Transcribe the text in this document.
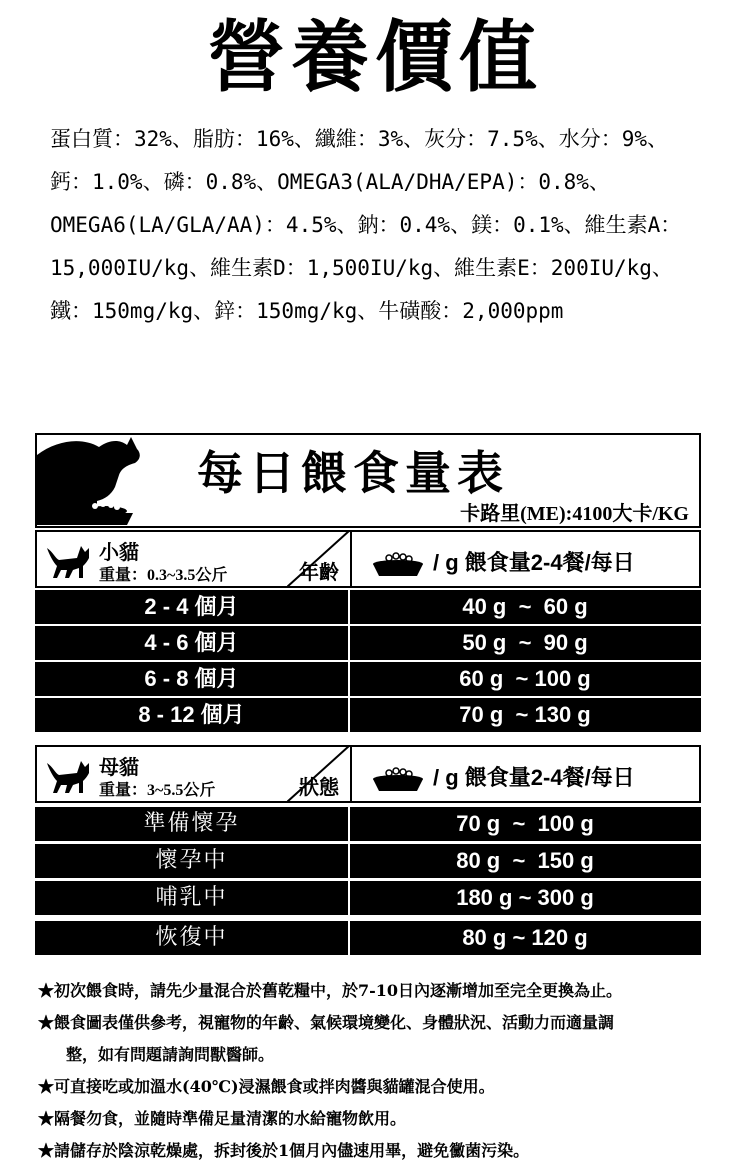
營養價值
蛋白質：32%、脂肪：16%、纖維：3%、灰分：7.5%、水分：9%、
鈣：1.0%、磷：0.8%、OMEGA3(ALA/DHA/EPA)：0.8%、
OMEGA6(LA/GLA/AA)：4.5%、鈉：0.4%、鎂：0.1%、維生素A：
15,000IU/kg、維生素D：1,500IU/kg、維生素E：200IU/kg、
鐵：150mg/kg、鋅：150mg/kg、牛磺酸：2,000ppm
每日餵食量表
卡路里(ME):4100大卡/KG
小貓
重量：0.3~3.5公斤	年齡	/ g 餵食量2-4餐/每日
2 - 4 個月	40 g  ~  60 g
4 - 6 個月	50 g  ~  90 g
6 - 8 個月	60 g  ~ 100 g
8 - 12 個月	70 g  ~ 130 g
母貓
重量：3~5.5公斤	狀態	/ g 餵食量2-4餐/每日
準備懷孕	70 g  ~  100 g
懷孕中	80 g  ~  150 g
哺乳中	180 g ~ 300 g
恢復中	80 g ~ 120 g
★初次餵食時，請先少量混合於舊乾糧中，於7-10日內逐漸增加至完全更換為止。
★餵食圖表僅供參考，視寵物的年齡、氣候環境變化、身體狀況、活動力而適量調
整，如有問題請詢問獸醫師。
★可直接吃或加溫水(40℃)浸濕餵食或拌肉醬與貓罐混合使用。
★隔餐勿食，並隨時準備足量清潔的水給寵物飲用。
★請儲存於陰涼乾燥處，拆封後於1個月內儘速用畢，避免黴菌污染。
